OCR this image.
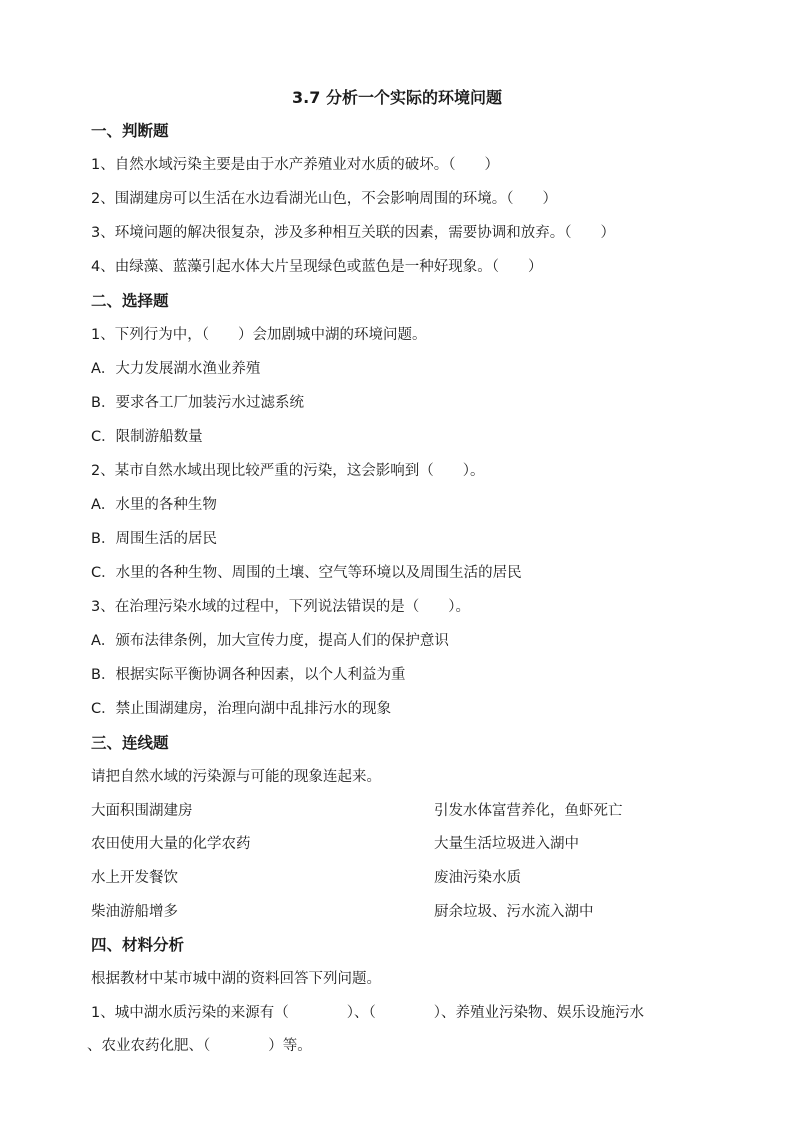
3.7 分析一个实际的环境问题
一、判断题
1、自然水域污染主要是由于水产养殖业对水质的破坏。（　　）
2、围湖建房可以生活在水边看湖光山色，不会影响周围的环境。（　　）
3、环境问题的解决很复杂，涉及多种相互关联的因素，需要协调和放弃。（　　）
4、由绿藻、蓝藻引起水体大片呈现绿色或蓝色是一种好现象。（　　）
二、选择题
1、下列行为中，（　　）会加剧城中湖的环境问题。
A．大力发展湖水渔业养殖
B．要求各工厂加装污水过滤系统
C．限制游船数量
2、某市自然水域出现比较严重的污染，这会影响到（　　）。
A．水里的各种生物
B．周围生活的居民
C．水里的各种生物、周围的土壤、空气等环境以及周围生活的居民
3、在治理污染水域的过程中，下列说法错误的是（　　）。
A．颁布法律条例，加大宣传力度，提高人们的保护意识
B．根据实际平衡协调各种因素，以个人利益为重
C．禁止围湖建房，治理向湖中乱排污水的现象
三、连线题
请把自然水域的污染源与可能的现象连起来。
大面积围湖建房	引发水体富营养化，鱼虾死亡
农田使用大量的化学农药	大量生活垃圾进入湖中
水上开发餐饮	废油污染水质
柴油游船增多	厨余垃圾、污水流入湖中
四、材料分析
根据教材中某市城中湖的资料回答下列问题。
1、城中湖水质污染的来源有（　　　　）、（　　　　）、养殖业污染物、娱乐设施污水
、农业农药化肥、（　　　　）等。
